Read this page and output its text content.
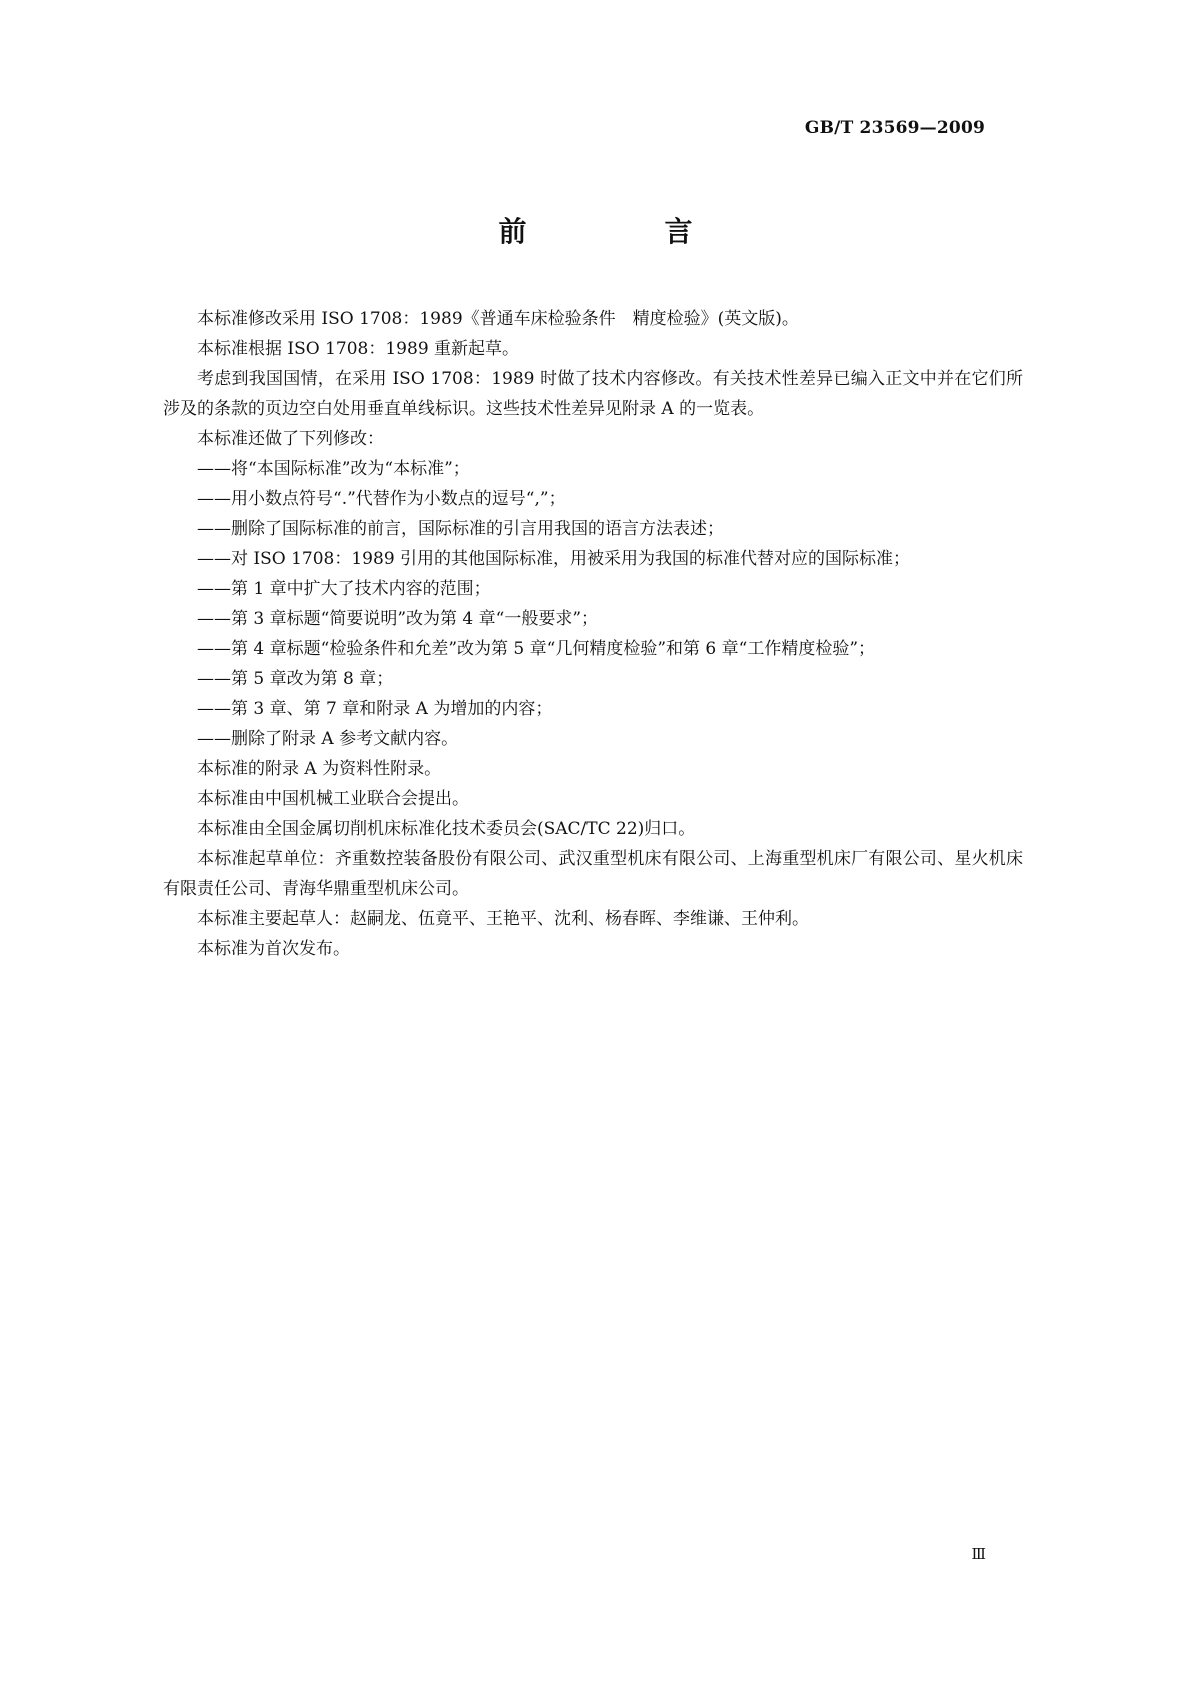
GB/T 23569—2009
前　言

本标准修改采用 ISO 1708：1989《普通车床检验条件　精度检验》(英文版)。

本标准根据 ISO 1708：1989 重新起草。

考虑到我国国情，在采用 ISO 1708：1989 时做了技术内容修改。有关技术性差异已编入正文中并在它们所涉及的条款的页边空白处用垂直单线标识。这些技术性差异见附录 A 的一览表。

本标准还做了下列修改：

——将“本国际标准”改为“本标准”；

——用小数点符号“.”代替作为小数点的逗号“,”；

——删除了国际标准的前言，国际标准的引言用我国的语言方法表述；

——对 ISO 1708：1989 引用的其他国际标准，用被采用为我国的标准代替对应的国际标准；

——第 1 章中扩大了技术内容的范围；

——第 3 章标题“简要说明”改为第 4 章“一般要求”；

——第 4 章标题“检验条件和允差”改为第 5 章“几何精度检验”和第 6 章“工作精度检验”；

——第 5 章改为第 8 章；

——第 3 章、第 7 章和附录 A 为增加的内容；

——删除了附录 A 参考文献内容。

本标准的附录 A 为资料性附录。

本标准由中国机械工业联合会提出。

本标准由全国金属切削机床标准化技术委员会(SAC/TC 22)归口。

本标准起草单位：齐重数控装备股份有限公司、武汉重型机床有限公司、上海重型机床厂有限公司、星火机床有限责任公司、青海华鼎重型机床公司。

本标准主要起草人：赵嗣龙、伍竟平、王艳平、沈利、杨春晖、李维谦、王仲利。

本标准为首次发布。

Ⅲ
